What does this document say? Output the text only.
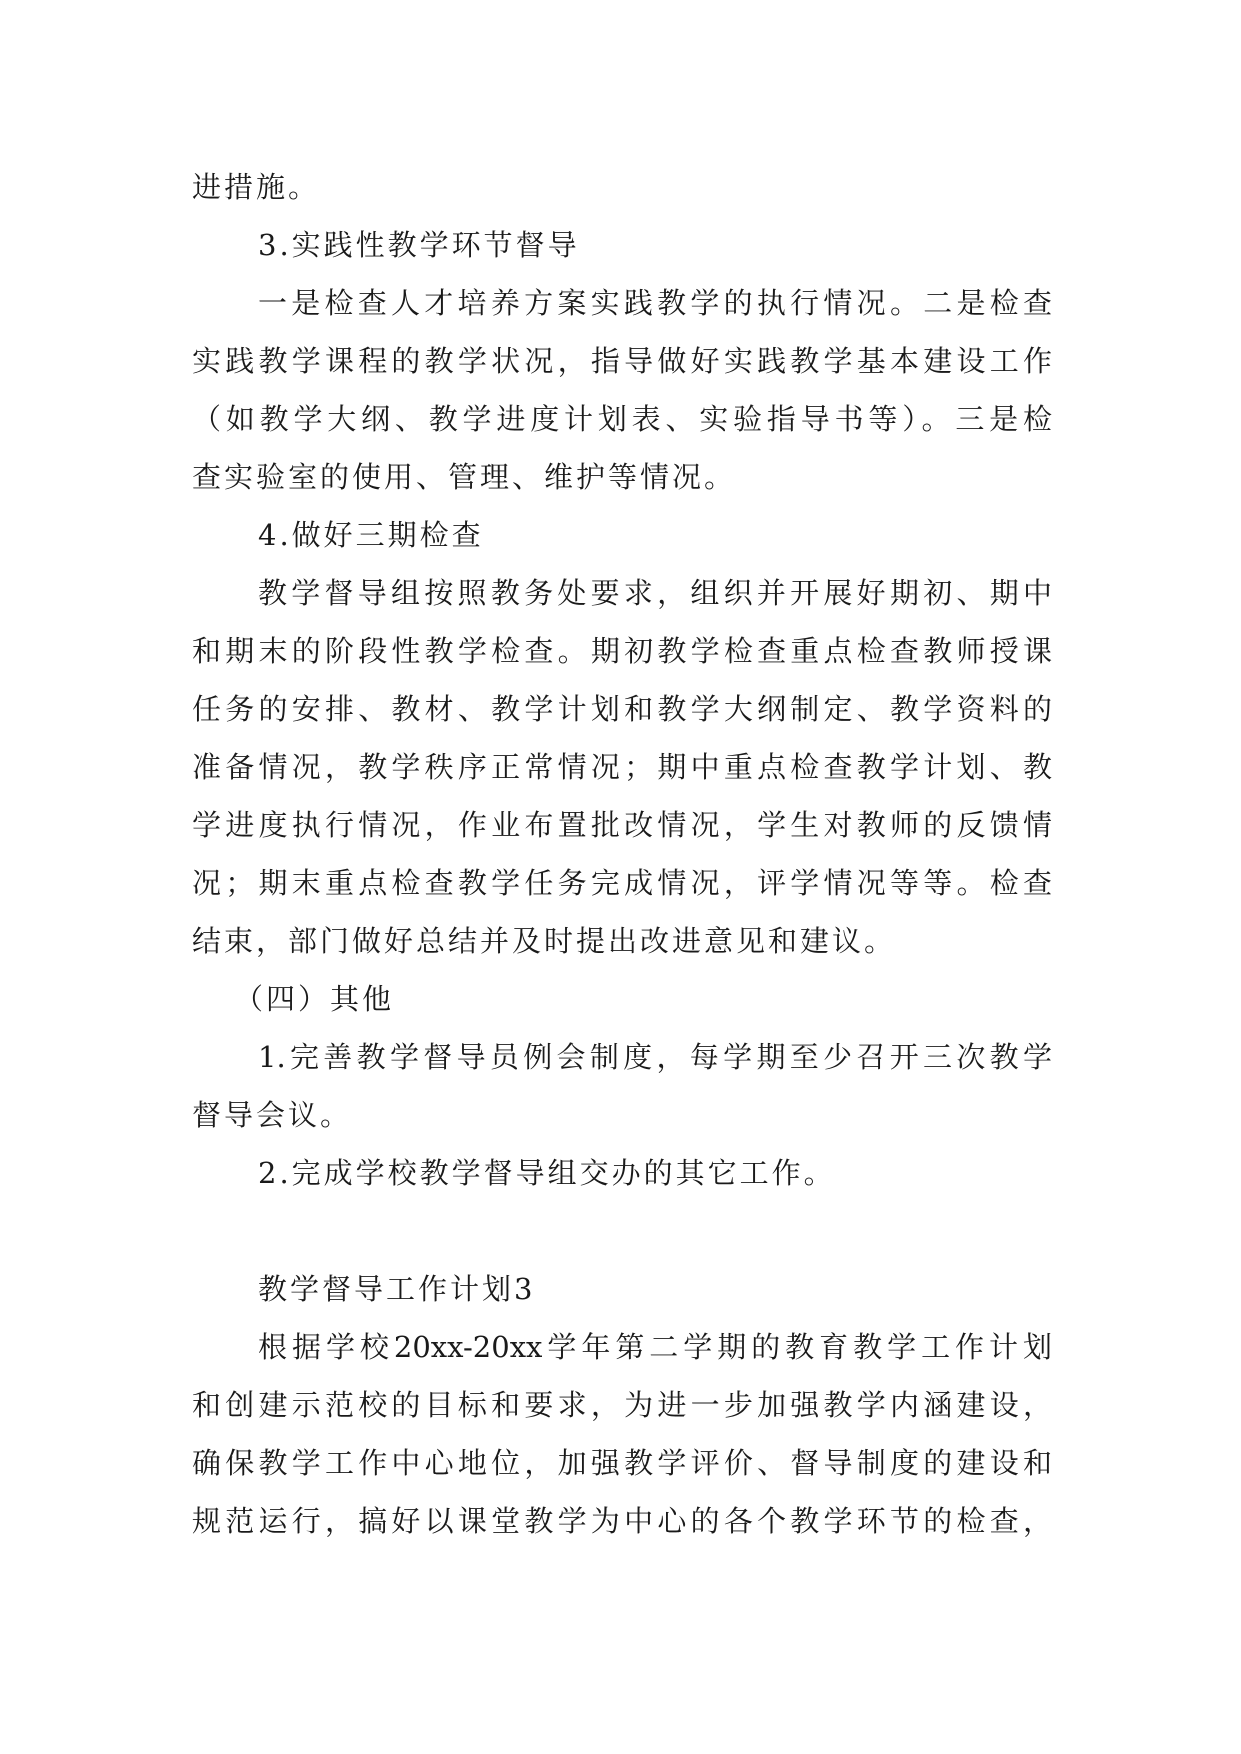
进措施。
3.实践性教学环节督导
一是检查人才培养方案实践教学的执行情况。二是检查
实践教学课程的教学状况，指导做好实践教学基本建设工作
（如教学大纲、教学进度计划表、实验指导书等）。三是检
查实验室的使用、管理、维护等情况。
4.做好三期检查
教学督导组按照教务处要求，组织并开展好期初、期中
和期末的阶段性教学检查。期初教学检查重点检查教师授课
任务的安排、教材、教学计划和教学大纲制定、教学资料的
准备情况，教学秩序正常情况；期中重点检查教学计划、教
学进度执行情况，作业布置批改情况，学生对教师的反馈情
况；期末重点检查教学任务完成情况，评学情况等等。检查
结束，部门做好总结并及时提出改进意见和建议。
（四）其他
1.完善教学督导员例会制度，每学期至少召开三次教学
督导会议。
2.完成学校教学督导组交办的其它工作。
教学督导工作计划3
根据学校20xx-20xx学年第二学期的教育教学工作计划
和创建示范校的目标和要求，为进一步加强教学内涵建设，
确保教学工作中心地位，加强教学评价、督导制度的建设和
规范运行，搞好以课堂教学为中心的各个教学环节的检查，
